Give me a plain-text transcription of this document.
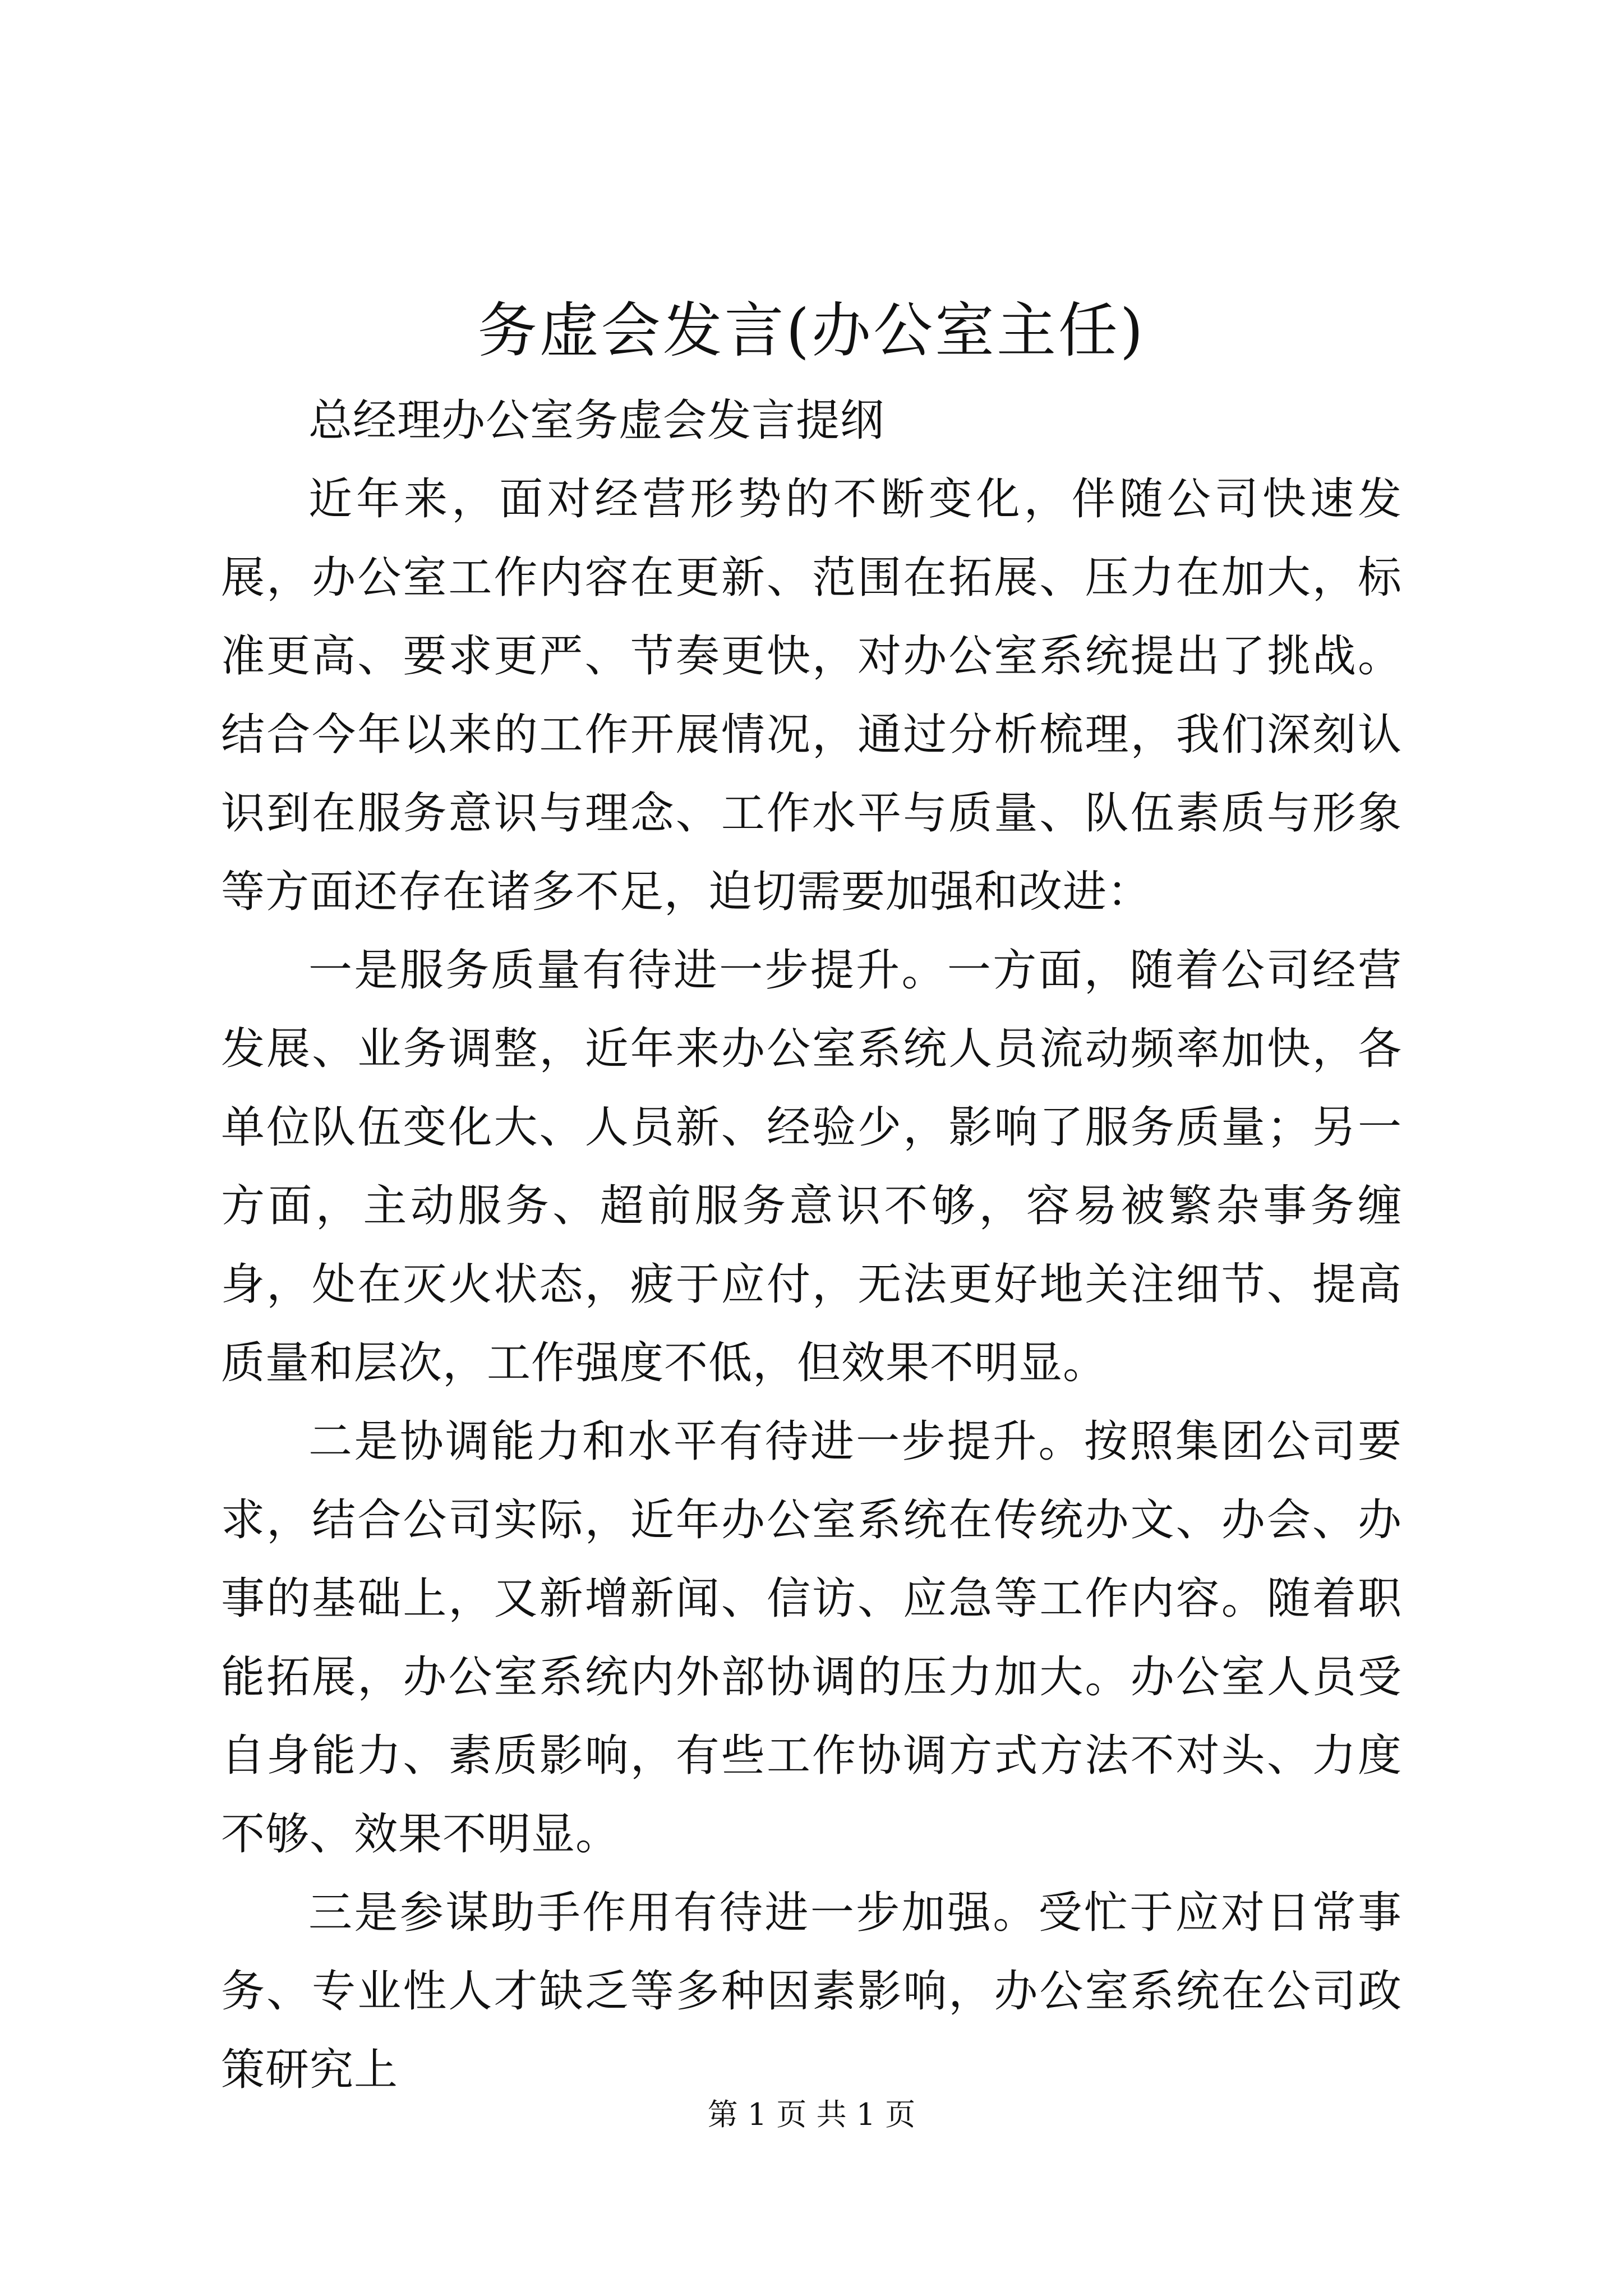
务虚会发言(办公室主任)

总经理办公室务虚会发言提纲

近年来，面对经营形势的不断变化，伴随公司快速发展，办公室工作内容在更新、范围在拓展、压力在加大，标准更高、要求更严、节奏更快，对办公室系统提出了挑战。结合今年以来的工作开展情况，通过分析梳理，我们深刻认识到在服务意识与理念、工作水平与质量、队伍素质与形象等方面还存在诸多不足，迫切需要加强和改进：

一是服务质量有待进一步提升。一方面，随着公司经营发展、业务调整，近年来办公室系统人员流动频率加快，各单位队伍变化大、人员新、经验少，影响了服务质量；另一方面，主动服务、超前服务意识不够，容易被繁杂事务缠身，处在灭火状态，疲于应付，无法更好地关注细节、提高质量和层次，工作强度不低，但效果不明显。

二是协调能力和水平有待进一步提升。按照集团公司要求，结合公司实际，近年办公室系统在传统办文、办会、办事的基础上，又新增新闻、信访、应急等工作内容。随着职能拓展，办公室系统内外部协调的压力加大。办公室人员受自身能力、素质影响，有些工作协调方式方法不对头、力度不够、效果不明显。

三是参谋助手作用有待进一步加强。受忙于应对日常事务、专业性人才缺乏等多种因素影响，办公室系统在公司政策研究上

第 1 页 共 1 页
